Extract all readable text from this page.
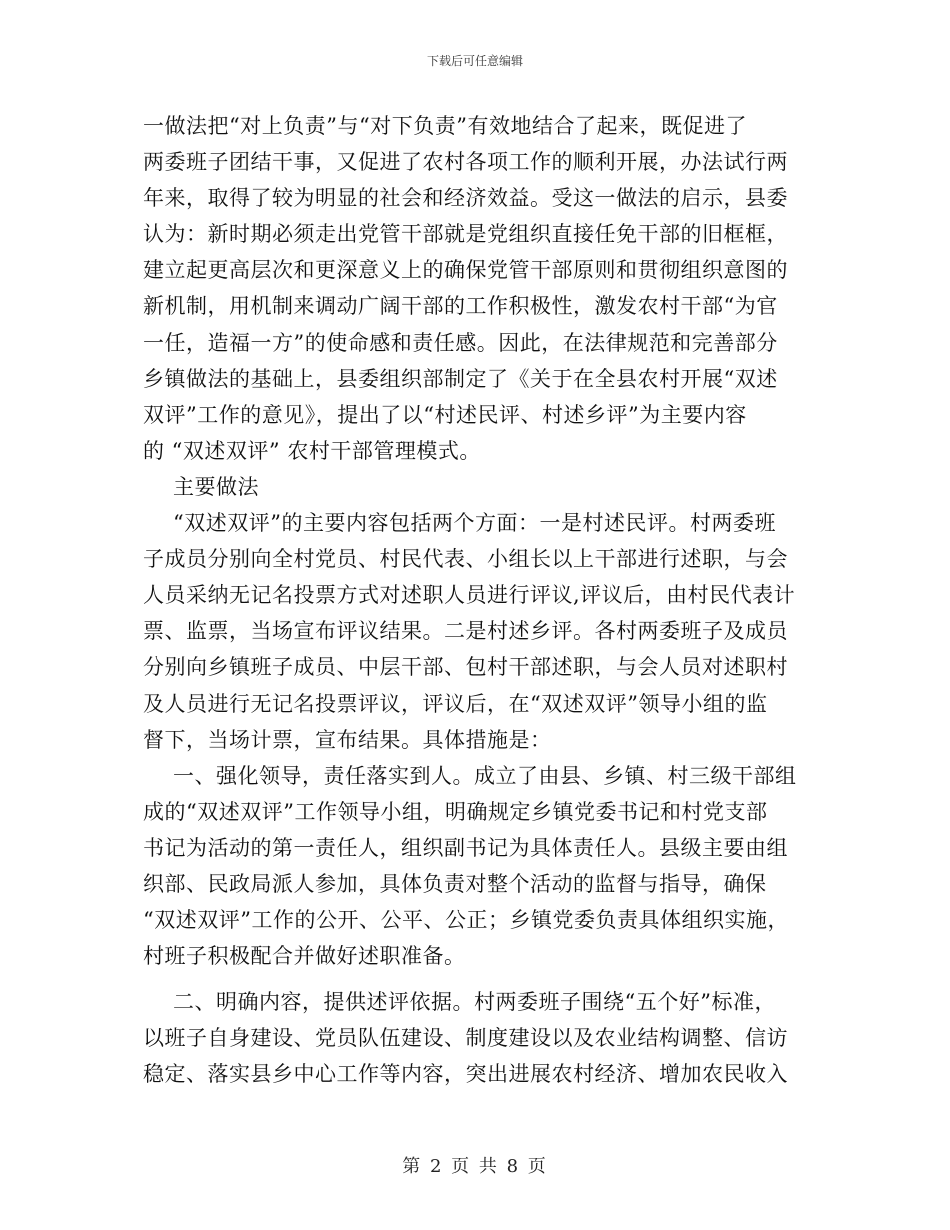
下载后可任意编辑
一做法把“对上负责”与“对下负责”有效地结合了起来，既促进了
两委班子团结干事，又促进了农村各项工作的顺利开展，办法试行两
年来，取得了较为明显的社会和经济效益。受这一做法的启示，县委
认为：新时期必须走出党管干部就是党组织直接任免干部的旧框框，
建立起更高层次和更深意义上的确保党管干部原则和贯彻组织意图的
新机制，用机制来调动广阔干部的工作积极性，激发农村干部“为官
一任，造福一方”的使命感和责任感。因此，在法律规范和完善部分
乡镇做法的基础上，县委组织部制定了《关于在全县农村开展“双述
双评”工作的意见》，提出了以“村述民评、村述乡评”为主要内容
的 “双述双评” 农村干部管理模式。
主要做法
“双述双评”的主要内容包括两个方面：一是村述民评。村两委班
子成员分别向全村党员、村民代表、小组长以上干部进行述职，与会
人员采纳无记名投票方式对述职人员进行评议,评议后，由村民代表计
票、监票，当场宣布评议结果。二是村述乡评。各村两委班子及成员
分别向乡镇班子成员、中层干部、包村干部述职，与会人员对述职村
及人员进行无记名投票评议，评议后，在“双述双评”领导小组的监
督下，当场计票，宣布结果。具体措施是：
一、强化领导，责任落实到人。成立了由县、乡镇、村三级干部组
成的“双述双评”工作领导小组，明确规定乡镇党委书记和村党支部
书记为活动的第一责任人，组织副书记为具体责任人。县级主要由组
织部、民政局派人参加，具体负责对整个活动的监督与指导，确保
“双述双评”工作的公开、公平、公正；乡镇党委负责具体组织实施，
村班子积极配合并做好述职准备。
二、明确内容，提供述评依据。村两委班子围绕“五个好”标准，
以班子自身建设、党员队伍建设、制度建设以及农业结构调整、信访
稳定、落实县乡中心工作等内容，突出进展农村经济、增加农民收入
第 2 页 共 8 页
